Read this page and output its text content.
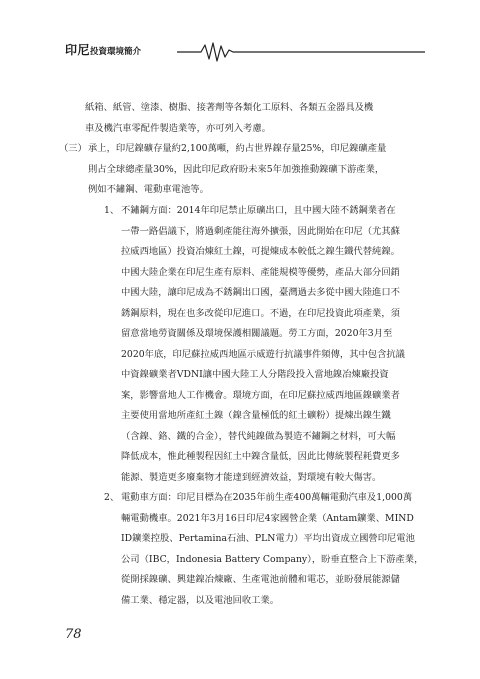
印尼投資環境簡介
紙箱、紙管、塗漆、樹脂、接著劑等各類化工原料、各類五金器具及機
車及機汽車零配件製造業等，亦可列入考慮。
（三） 承上，印尼鎳礦存量約2,100萬噸，約占世界鎳存量25%，印尼鎳礦產量
則占全球總產量30%，因此印尼政府盼未來5年加強推動鎳礦下游產業，
例如不鏽鋼、電動車電池等。
1、 不鏽鋼方面：2014年印尼禁止原礦出口，且中國大陸不銹鋼業者在
一帶一路倡議下，將過剩產能往海外擴張，因此開始在印尼（尤其蘇
拉威西地區）投資冶煉紅土鎳，可提煉成本較低之鎳生鐵代替純鎳。
中國大陸企業在印尼生產有原料、產能規模等優勢，產品大部分回銷
中國大陸，讓印尼成為不銹鋼出口國，臺灣過去多從中國大陸進口不
銹鋼原料，現在也多改從印尼進口。不過，在印尼投資此項產業，須
留意當地勞資關係及環境保護相關議題。勞工方面，2020年3月至
2020年底，印尼蘇拉威西地區示威遊行抗議事件頻傳，其中包含抗議
中資鎳礦業者VDNI讓中國大陸工人分階段投入當地鎳冶煉廠投資
案，影響當地人工作機會。環境方面，在印尼蘇拉威西地區鎳礦業者
主要使用當地所產紅土鎳（鎳含量極低的紅土礦粉）提煉出鎳生鐵
（含鎳、鉻、鐵的合金），替代純鎳做為製造不鏽鋼之材料，可大幅
降低成本，惟此種製程因紅土中鎳含量低，因此比傳統製程耗費更多
能源、製造更多廢棄物才能達到經濟效益，對環境有較大傷害。
2、 電動車方面：印尼目標為在2035年前生產400萬輛電動汽車及1,000萬
輛電動機車。2021年3月16日印尼4家國營企業（Antam鑛業、MIND
ID鑛業控股、Pertamina石油、PLN電力）平均出資成立國營印尼電池
公司（IBC，Indonesia Battery Company），盼垂直整合上下游產業，
從開採鎳礦、興建鎳冶煉廠、生產電池前體和電芯，並盼發展能源儲
備工業、穩定器，以及電池回收工業。
78
